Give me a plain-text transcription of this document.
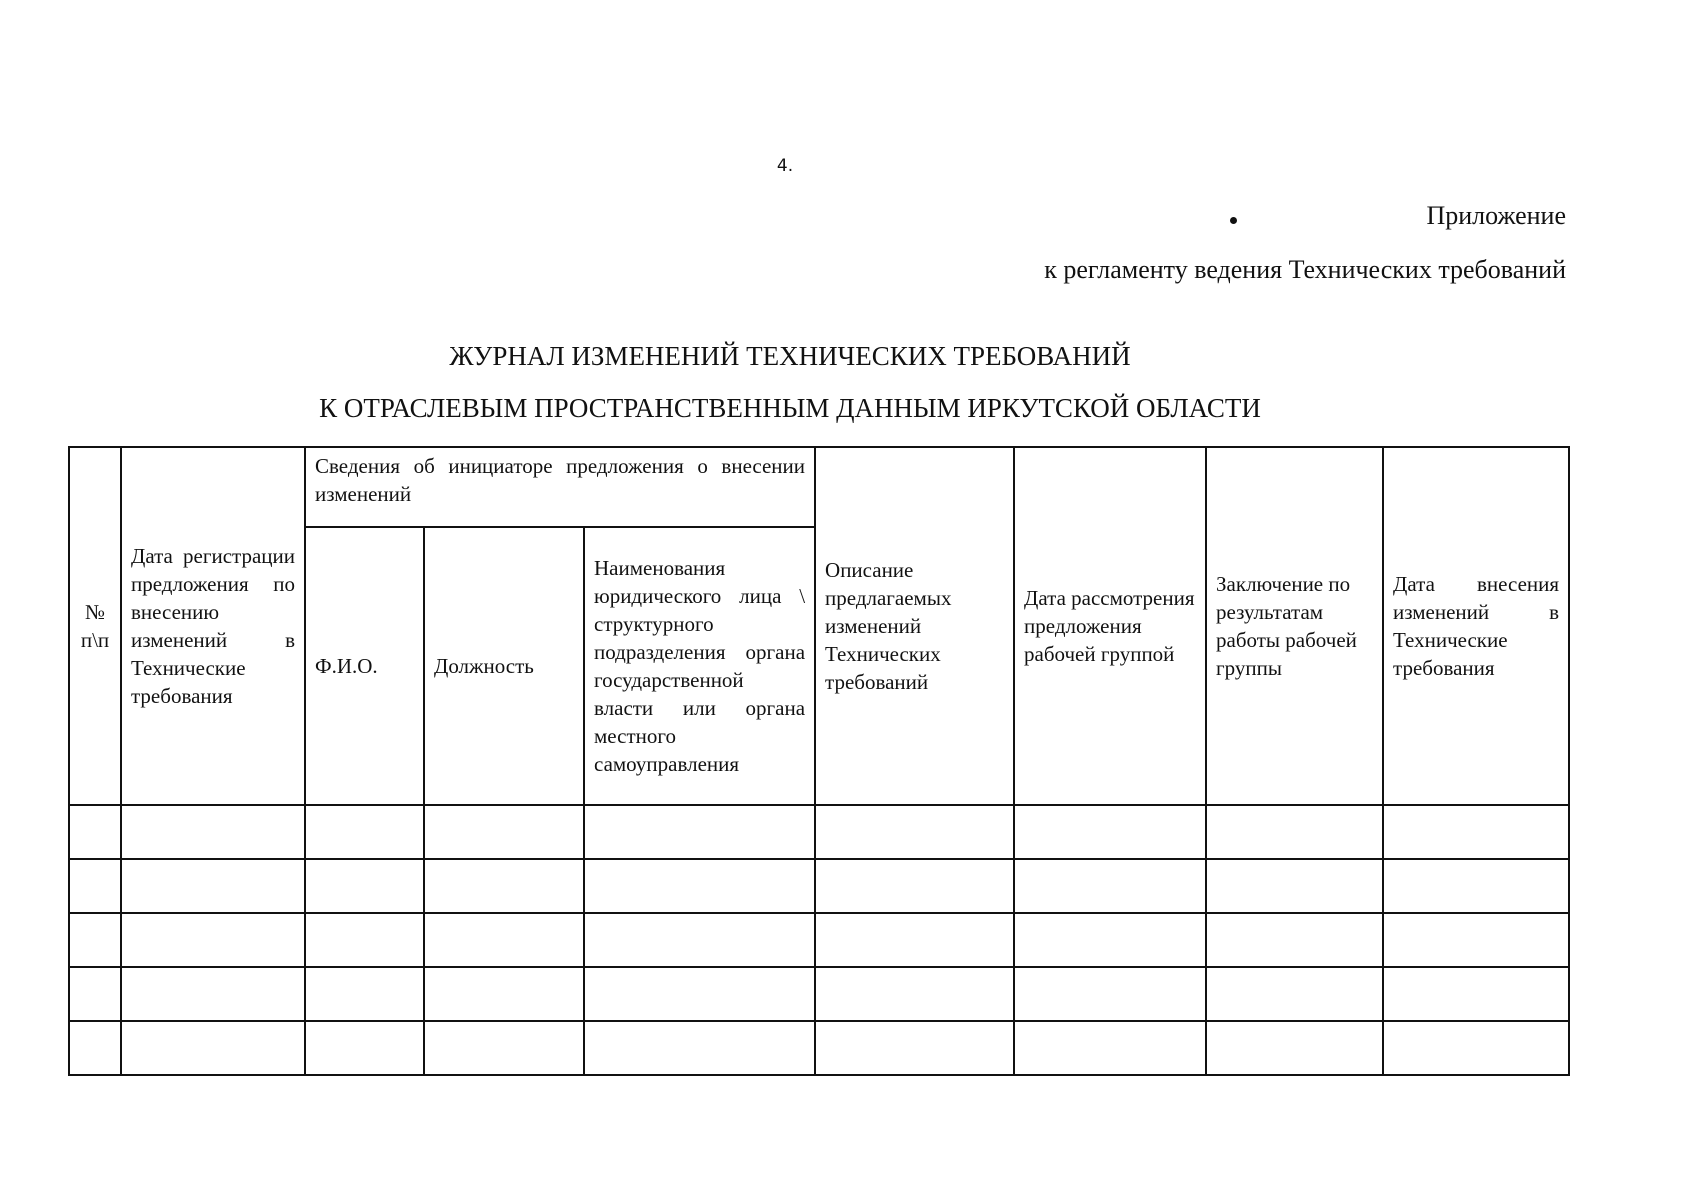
4.
Приложение
к регламенту ведения Технических требований
ЖУРНАЛ ИЗМЕНЕНИЙ ТЕХНИЧЕСКИХ ТРЕБОВАНИЙ
К ОТРАСЛЕВЫМ ПРОСТРАНСТВЕННЫМ ДАННЫМ ИРКУТСКОЙ ОБЛАСТИ
№ п\п	Дата регистрации предложения по внесению изменений в Технические требования	Сведения об инициаторе предложения о внесении изменений			Описание предлагаемых изменений Технических требований	Дата рассмотрения предложения рабочей группой	Заключение по результатам работы рабочей группы	Дата внесения изменений в Технические требования
		Ф.И.О.	Должность	Наименования юридического лица \ структурного подразделения органа государственной власти или органа местного самоуправления				
